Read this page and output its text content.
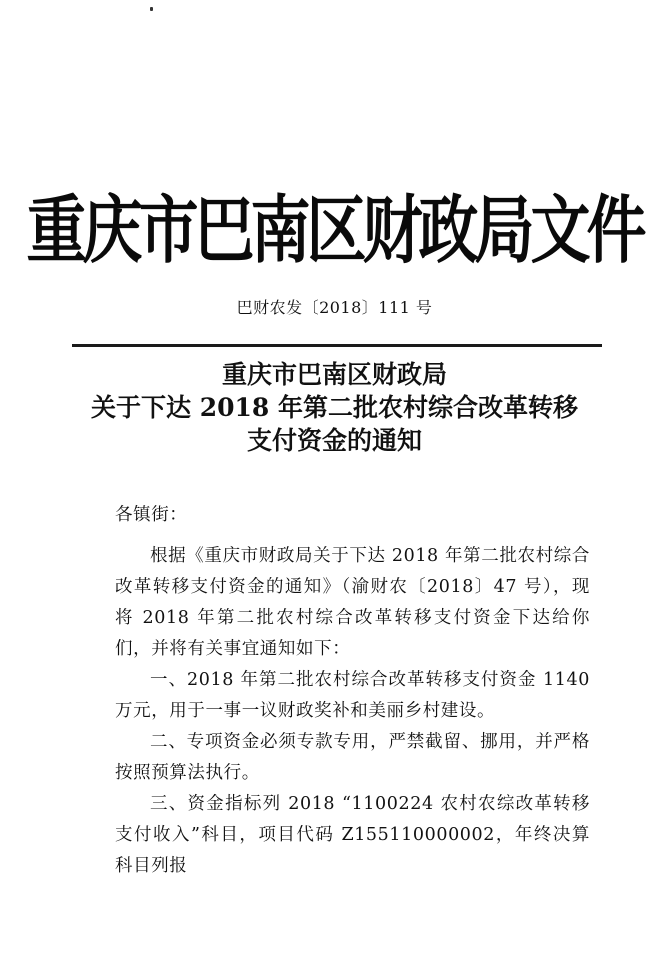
重庆市巴南区财政局文件
巴财农发〔2018〕111 号
重庆市巴南区财政局
关于下达 2018 年第二批农村综合改革转移
支付资金的通知

各镇街：

根据《重庆市财政局关于下达 2018 年第二批农村综合改革转移支付资金的通知》（渝财农〔2018〕47 号），现将 2018 年第二批农村综合改革转移支付资金下达给你们，并将有关事宜通知如下：

一、2018 年第二批农村综合改革转移支付资金 1140 万元，用于一事一议财政奖补和美丽乡村建设。

二、专项资金必须专款专用，严禁截留、挪用，并严格按照预算法执行。

三、资金指标列 2018 “1100224 农村农综改革转移支付收入”科目，项目代码 Z155110000002，年终决算科目列报
